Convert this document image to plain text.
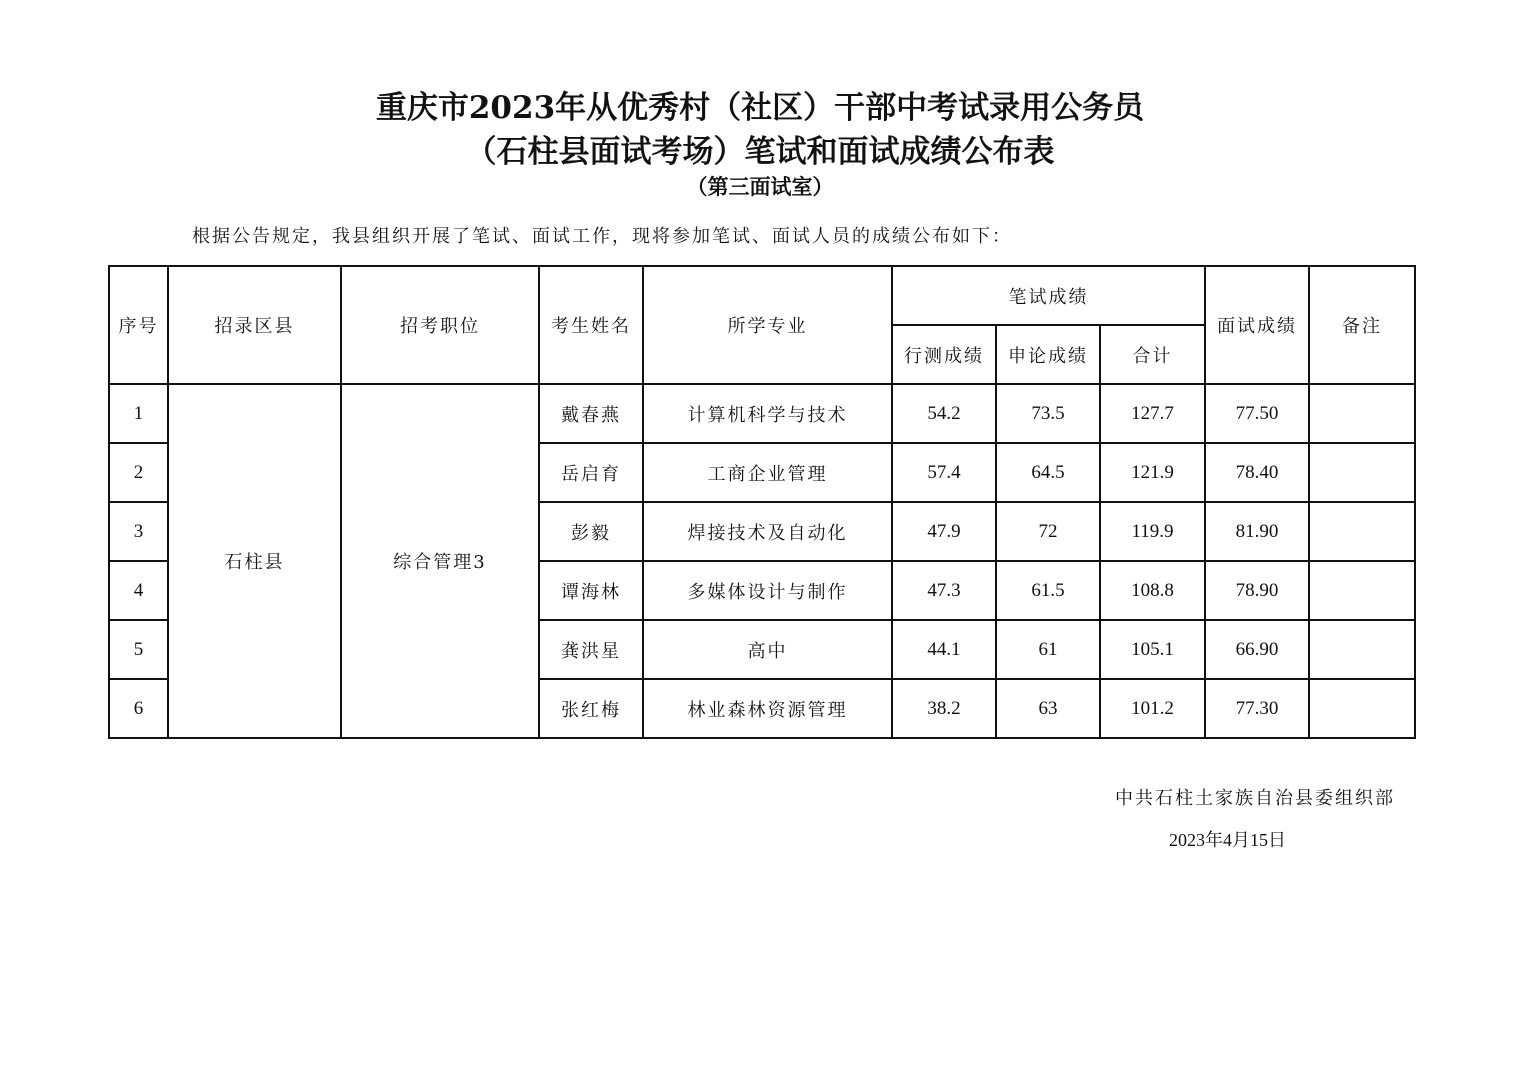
重庆市2023年从优秀村（社区）干部中考试录用公务员
（石柱县面试考场）笔试和面试成绩公布表
（第三面试室）
根据公告规定，我县组织开展了笔试、面试工作，现将参加笔试、面试人员的成绩公布如下：
序号	招录区县	招考职位	考生姓名	所学专业	笔试成绩			面试成绩	备注
					行测成绩	申论成绩	合计		
1	石柱县	综合管理3	戴春燕	计算机科学与技术	54.2	73.5	127.7	77.50	
2			岳启育	工商企业管理	57.4	64.5	121.9	78.40	
3			彭毅	焊接技术及自动化	47.9	72	119.9	81.90	
4			谭海林	多媒体设计与制作	47.3	61.5	108.8	78.90	
5			龚洪星	高中	44.1	61	105.1	66.90	
6			张红梅	林业森林资源管理	38.2	63	101.2	77.30	
中共石柱土家族自治县委组织部
2023年4月15日
